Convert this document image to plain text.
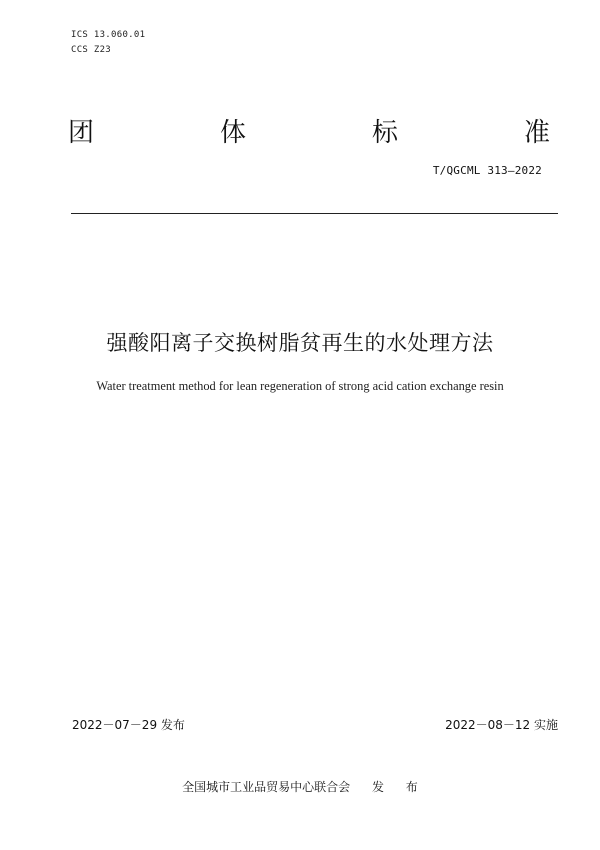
ICS 13.060.01
CCS Z23
团	体	标	准
T/QGCML 313—2022
强酸阳离子交换树脂贫再生的水处理方法
Water treatment method for lean regeneration of strong acid cation exchange resin
2022－07－29 发布	2022－08－12 实施
全国城市工业品贸易中心联合会 发 布
